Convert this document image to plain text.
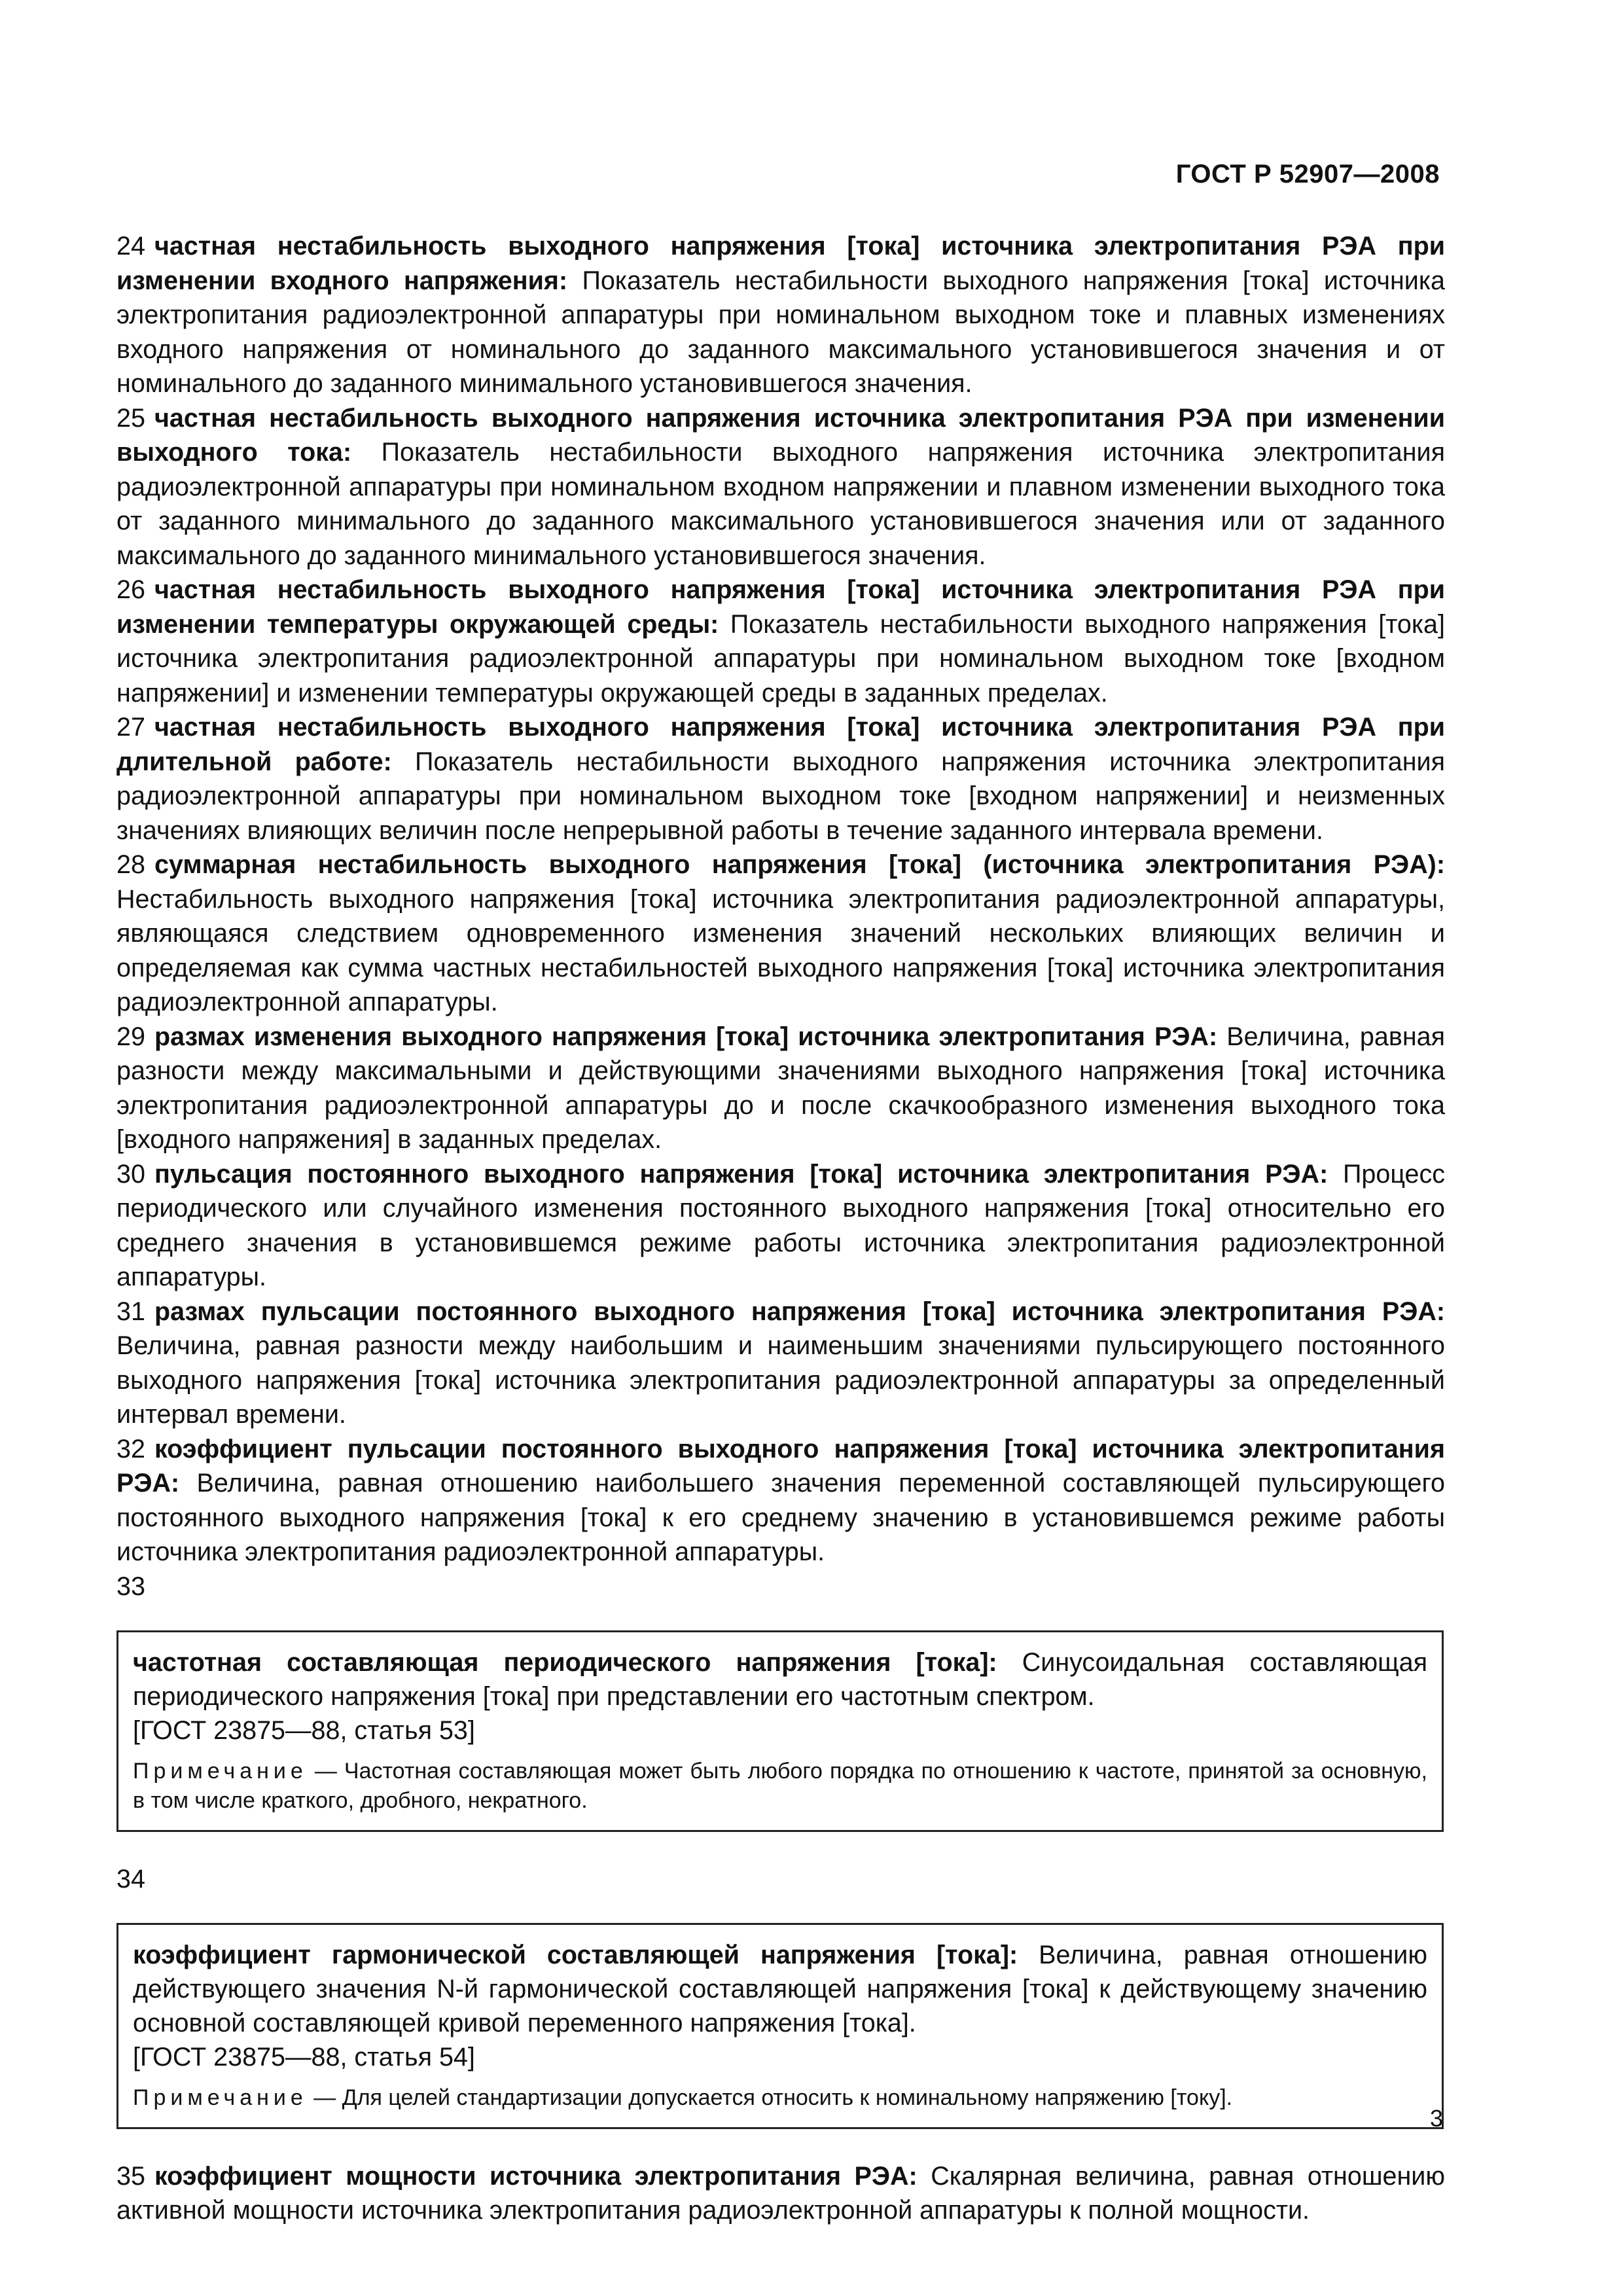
ГОСТ Р 52907—2008

24 частная нестабильность выходного напряжения [тока] источника электропитания РЭА при изменении входного напряжения: Показатель нестабильности выходного напряжения [тока] источника электропитания радиоэлектронной аппаратуры при номинальном выходном токе и плавных изменениях входного напряжения от номинального до заданного максимального установившегося значения и от номинального до заданного минимального установившегося значения.

25 частная нестабильность выходного напряжения источника электропитания РЭА при изменении выходного тока: Показатель нестабильности выходного напряжения источника электропитания радиоэлектронной аппаратуры при номинальном входном напряжении и плавном изменении выходного тока от заданного минимального до заданного максимального установившегося значения или от заданного максимального до заданного минимального установившегося значения.

26 частная нестабильность выходного напряжения [тока] источника электропитания РЭА при изменении температуры окружающей среды: Показатель нестабильности выходного напряжения [тока] источника электропитания радиоэлектронной аппаратуры при номинальном выходном токе [входном напряжении] и изменении температуры окружающей среды в заданных пределах.

27 частная нестабильность выходного напряжения [тока] источника электропитания РЭА при длительной работе: Показатель нестабильности выходного напряжения источника электропитания радиоэлектронной аппаратуры при номинальном выходном токе [входном напряжении] и неизменных значениях влияющих величин после непрерывной работы в течение заданного интервала времени.

28 суммарная нестабильность выходного напряжения [тока] (источника электропитания РЭА): Нестабильность выходного напряжения [тока] источника электропитания радиоэлектронной аппаратуры, являющаяся следствием одновременного изменения значений нескольких влияющих величин и определяемая как сумма частных нестабильностей выходного напряжения [тока] источника электропитания радиоэлектронной аппаратуры.

29 размах изменения выходного напряжения [тока] источника электропитания РЭА: Величина, равная разности между максимальными и действующими значениями выходного напряжения [тока] источника электропитания радиоэлектронной аппаратуры до и после скачкообразного изменения выходного тока [входного напряжения] в заданных пределах.

30 пульсация постоянного выходного напряжения [тока] источника электропитания РЭА: Процесс периодического или случайного изменения постоянного выходного напряжения [тока] относительно его среднего значения в установившемся режиме работы источника электропитания радиоэлектронной аппаратуры.

31 размах пульсации постоянного выходного напряжения [тока] источника электропитания РЭА: Величина, равная разности между наибольшим и наименьшим значениями пульсирующего постоянного выходного напряжения [тока] источника электропитания радиоэлектронной аппаратуры за определенный интервал времени.

32 коэффициент пульсации постоянного выходного напряжения [тока] источника электропитания РЭА: Величина, равная отношению наибольшего значения переменной составляющей пульсирующего постоянного выходного напряжения [тока] к его среднему значению в установившемся режиме работы источника электропитания радиоэлектронной аппаратуры.

33

частотная составляющая периодического напряжения [тока]: Синусоидальная составляющая периодического напряжения [тока] при представлении его частотным спектром.

[ГОСТ 23875—88, статья 53]

Примечание — Частотная составляющая может быть любого порядка по отношению к частоте, принятой за основную, в том числе краткого, дробного, некратного.

34

коэффициент гармонической составляющей напряжения [тока]: Величина, равная отношению действующего значения N-й гармонической составляющей напряжения [тока] к действующему значению основной составляющей кривой переменного напряжения [тока].

[ГОСТ 23875—88, статья 54]

Примечание — Для целей стандартизации допускается относить к номинальному напряжению [току].

35 коэффициент мощности источника электропитания РЭА: Скалярная величина, равная отношению активной мощности источника электропитания радиоэлектронной аппаратуры к полной мощности.

3
